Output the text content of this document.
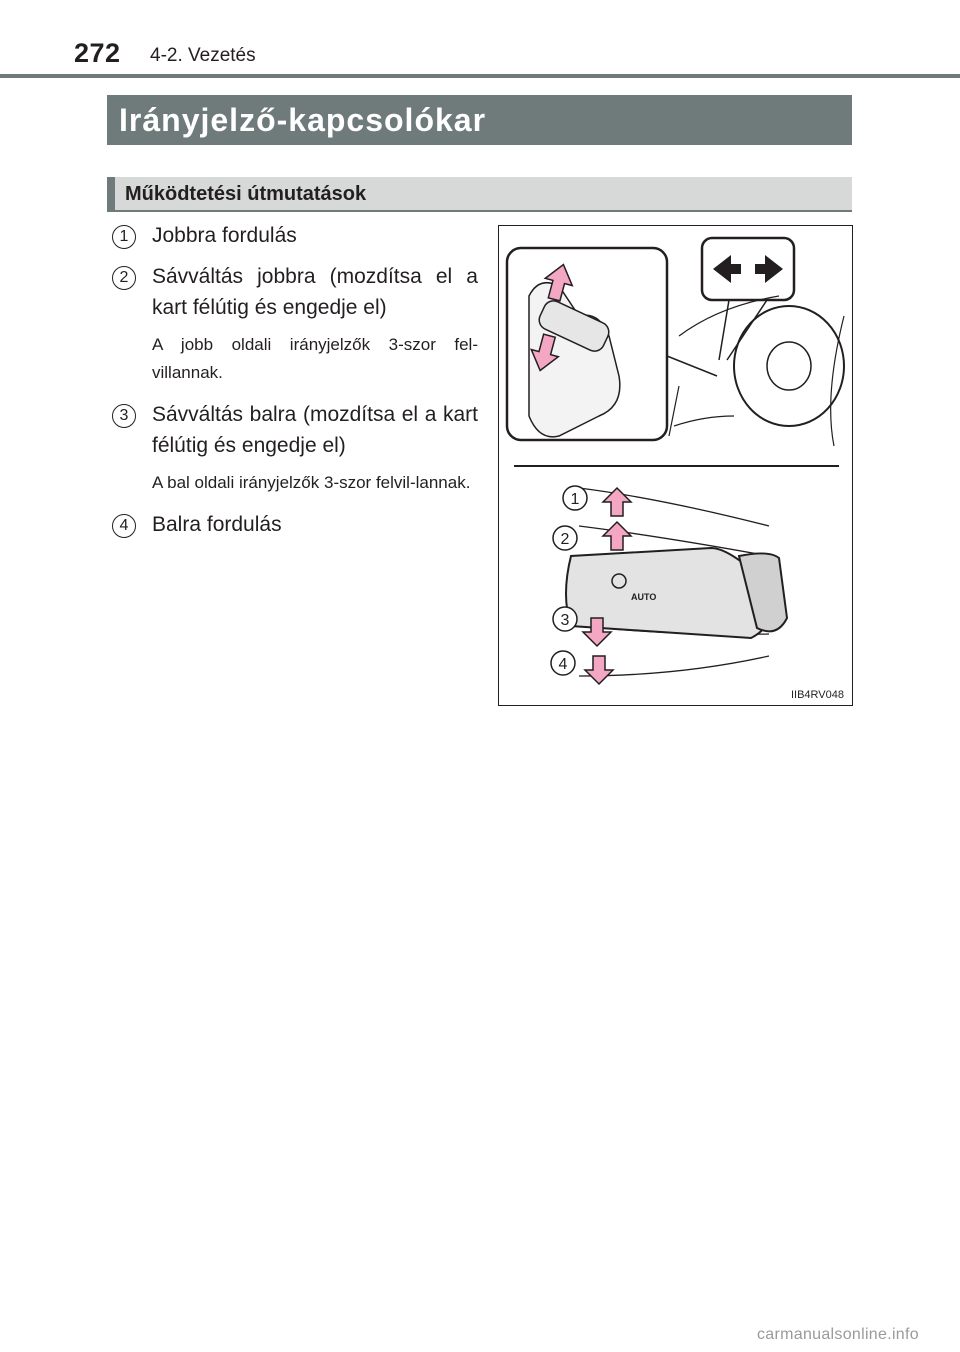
272 4-2. Vezetés
Irányjelző-kapcsolókar
Működtetési útmutatások
1	Jobbra fordulás
2	Sávváltás jobbra (mozdítsa el a kart félútig és engedje el)
A jobb oldali irányjelzők 3-szor fel-villannak.
3	Sávváltás balra (mozdítsa el a kart félútig és engedje el)
A bal oldali irányjelzők 3-szor felvil-lannak.
4	Balra fordulás
AUTO
1
2
3
4
IIB4RV048
carmanualsonline.info
